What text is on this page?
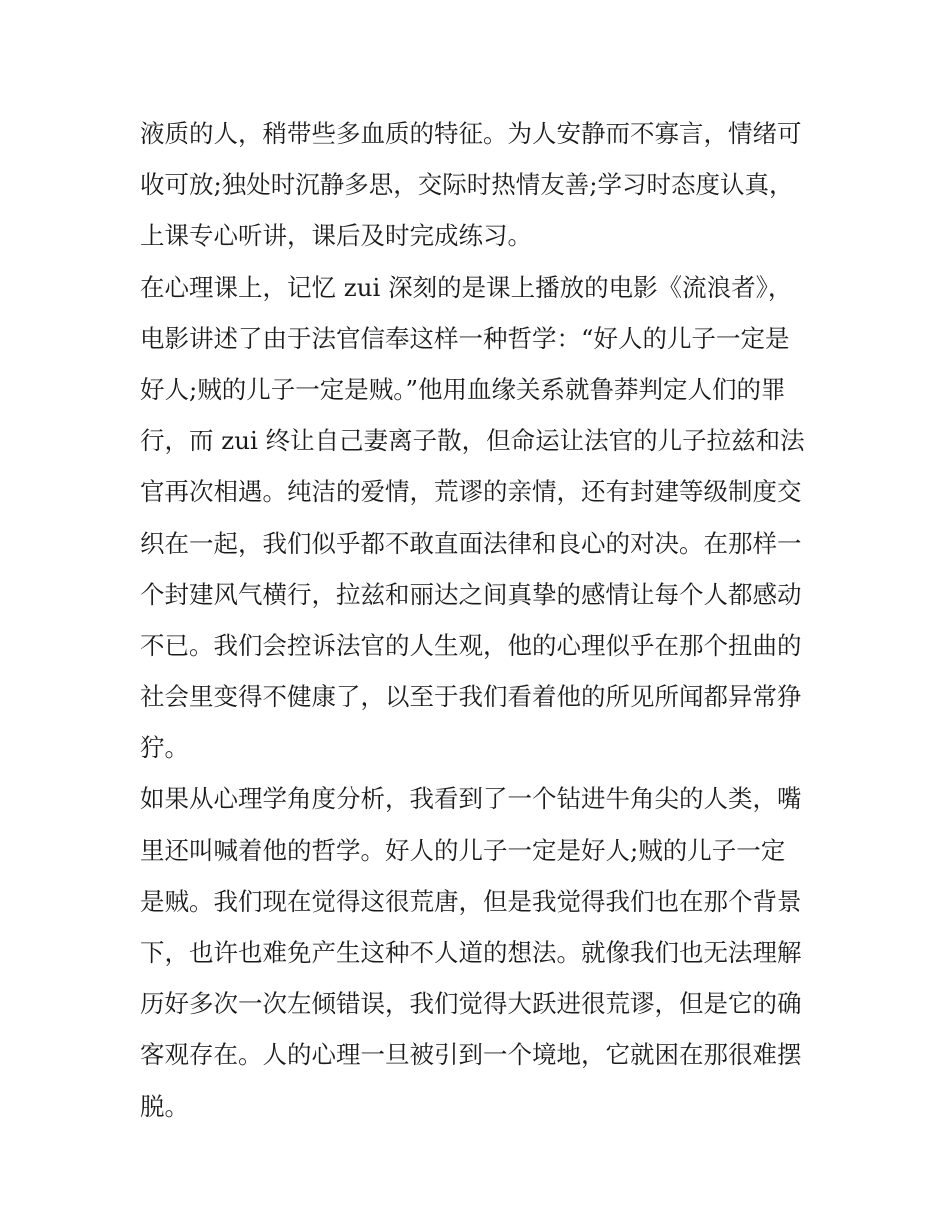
液质的人，稍带些多血质的特征。为人安静而不寡言，情绪可
收可放;独处时沉静多思，交际时热情友善;学习时态度认真，
上课专心听讲，课后及时完成练习。
在心理课上，记忆 zui 深刻的是课上播放的电影《流浪者》，
电影讲述了由于法官信奉这样一种哲学：“好人的儿子一定是
好人;贼的儿子一定是贼。”他用血缘关系就鲁莽判定人们的罪
行，而 zui 终让自己妻离子散，但命运让法官的儿子拉兹和法
官再次相遇。纯洁的爱情，荒谬的亲情，还有封建等级制度交
织在一起，我们似乎都不敢直面法律和良心的对决。在那样一
个封建风气横行，拉兹和丽达之间真挚的感情让每个人都感动
不已。我们会控诉法官的人生观，他的心理似乎在那个扭曲的
社会里变得不健康了，以至于我们看着他的所见所闻都异常狰
狞。
如果从心理学角度分析，我看到了一个钻进牛角尖的人类，嘴
里还叫喊着他的哲学。好人的儿子一定是好人;贼的儿子一定
是贼。我们现在觉得这很荒唐，但是我觉得我们也在那个背景
下，也许也难免产生这种不人道的想法。就像我们也无法理解
历好多次一次左倾错误，我们觉得大跃进很荒谬，但是它的确
客观存在。人的心理一旦被引到一个境地，它就困在那很难摆
脱。
